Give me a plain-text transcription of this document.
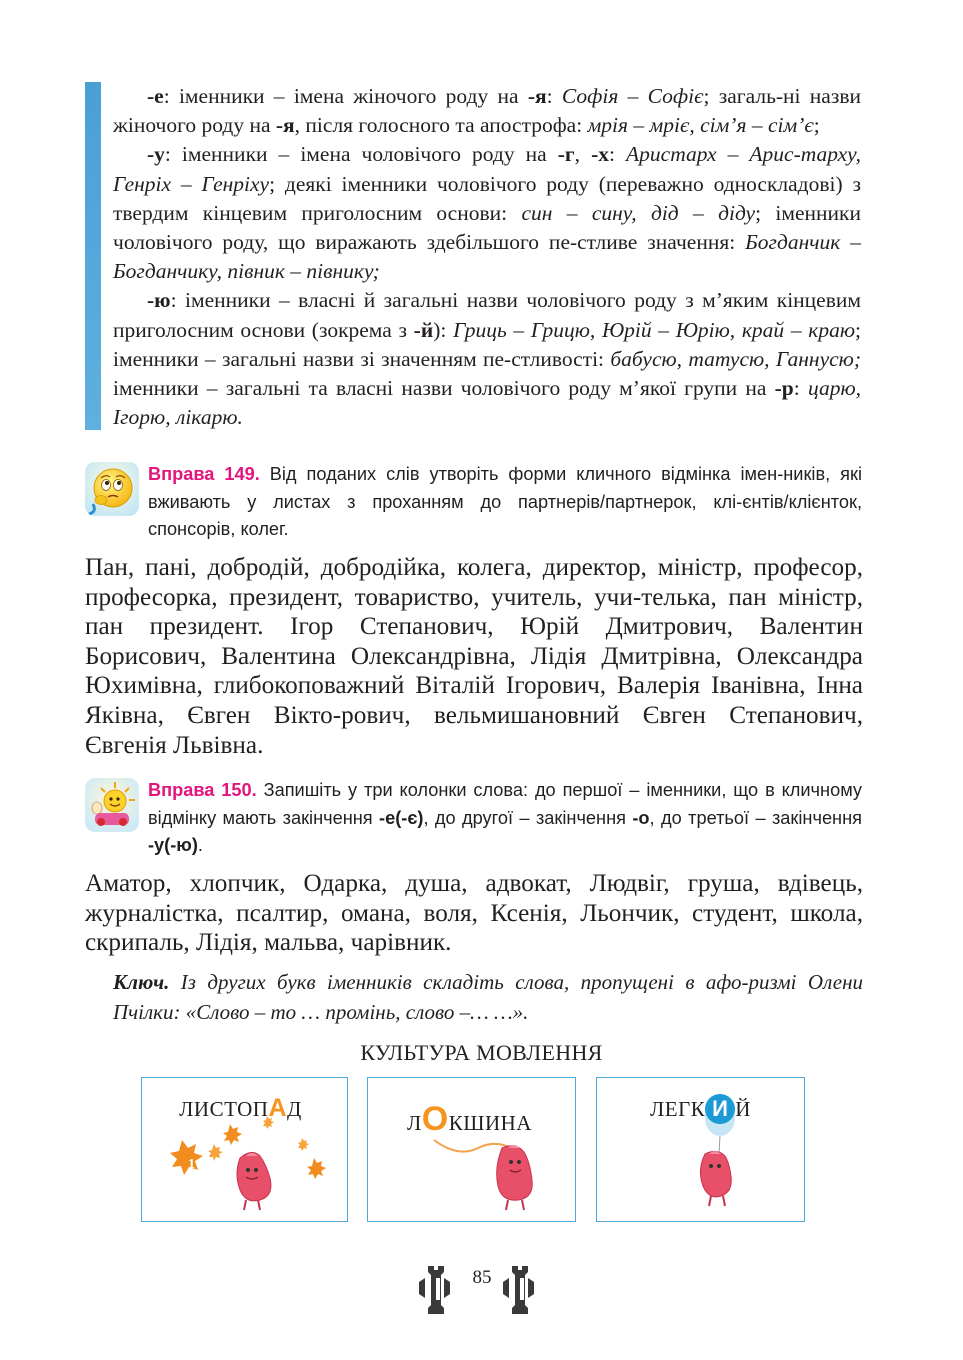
-е: іменники – імена жіночого роду на -я: Софія – Софіє; загаль-ні назви жіночого роду на -я, після голосного та апострофа: мрія – мріє, сім’я – сім’є;

-у: іменники – імена чоловічого роду на -г, -х: Аристарх – Арис-тарху, Генріх – Генріху; деякі іменники чоловічого роду (переважно односкладові) з твердим кінцевим приголосним основи: син – сину, дід – діду; іменники чоловічого роду, що виражають здебільшого пе-стливе значення: Богданчик – Богданчику, півник – півнику;

-ю: іменники – власні й загальні назви чоловічого роду з м’яким кінцевим приголосним основи (зокрема з -й): Гриць – Грицю, Юрій – Юрію, край – краю; іменники – загальні назви зі значенням пе-стливості: бабусю, татусю, Ганнусю; іменники – загальні та власні назви чоловічого роду м’якої групи на -р: царю, Ігорю, лікарю.

Вправа 149. Від поданих слів утворіть форми кличного відмінка імен-ників, які вживають у листах з проханням до партнерів/партнерок, клі-єнтів/клієнток, спонсорів, колег.
Пан, пані, добродій, добродійка, колега, директор, міністр, професор, професорка, президент, товариство, учитель, учи-телька, пан міністр, пан президент. Ігор Степанович, Юрій Дмитрович, Валентин Борисович, Валентина Олександрівна, Лідія Дмитрівна, Олександра Юхимівна, глибокоповажний Віталій Ігорович, Валерія Іванівна, Інна Яківна, Євген Вікто-рович, вельмишановний Євген Степанович, Євгенія Львівна.
Вправа 150. Запишіть у три колонки слова: до першої – іменники, що в кличному відмінку мають закінчення -е(-є), до другої – закінчення -о, до третьої – закінчення -у(-ю).
Аматор, хлопчик, Одарка, душа, адвокат, Людвіг, груша, вдівець, журналістка, псалтир, омана, воля, Ксенія, Льончик, студент, школа, скрипаль, Лідія, мальва, чарівник.
Ключ. Із других букв іменників складіть слова, пропущені в афо-ризмі Олени Пчілки: «Слово – то … промінь, слово –… …».
КУЛЬТУРА МОВЛЕННЯ
1
ЛИСТОПАД
ЛОКШИНА
ЛЕГК И Й
85
